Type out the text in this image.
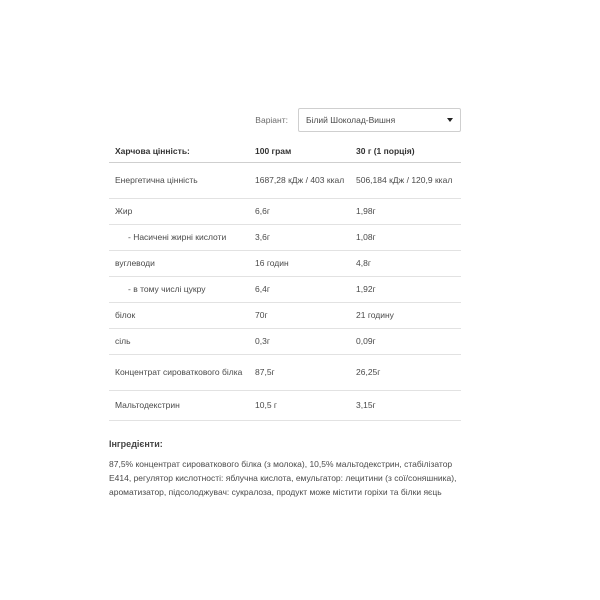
Варіант: Білий Шоколад-Вишня
Харчова цінність:	100 грам	30 г (1 порція)
Енергетична цінність	1687,28 кДж / 403 ккал	506,184 кДж / 120,9 ккал
Жир	6,6г	1,98г
- Насичені жирні кислоти	3,6г	1,08г
вуглеводи	16 годин	4,8г
- в тому числі цукру	6,4г	1,92г
білок	70г	21 годину
сіль	0,3г	0,09г
Концентрат сироваткового білка	87,5г	26,25г
Мальтодекстрин	10,5 г	3,15г
Інгредієнти:
87,5% концентрат сироваткового білка (з молока), 10,5% мальтодекстрин, стабілізатор E414, регулятор кислотності: яблучна кислота, емульгатор: лецитини (з сої/соняшника), ароматизатор, підсолоджувач: сукралоза, продукт може містити горіхи та білки яєць
